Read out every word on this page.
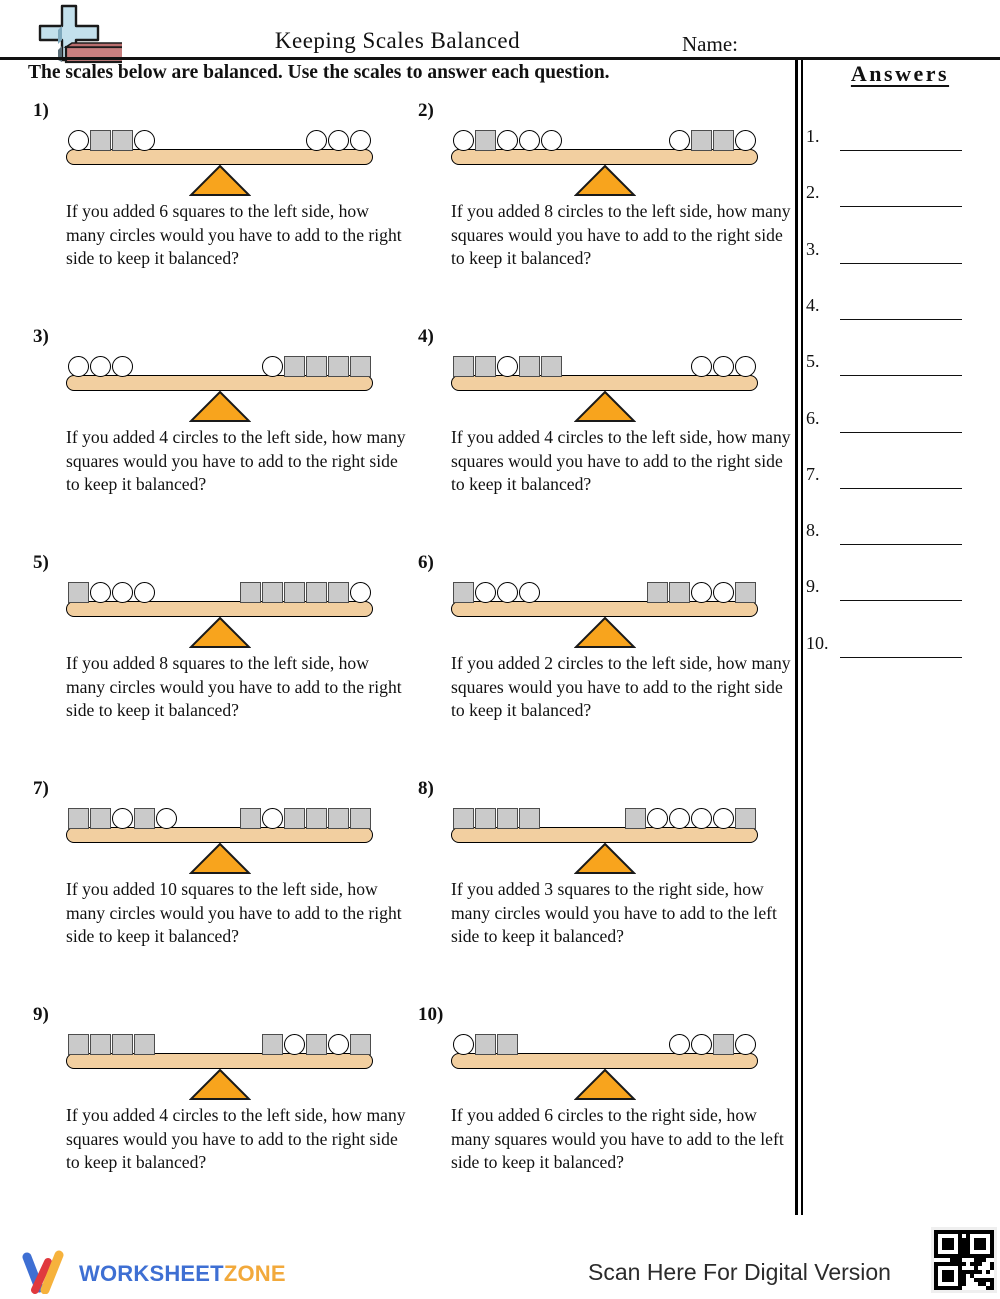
Keeping Scales Balanced	Name:
The scales below are balanced. Use the scales to answer each question.	Answers
1.
2.
3.
4.
5.
6.
7.
8.
9.
10.
1)
If you added 6 squares to the left side, how many circles would you have to add to the right side to keep it balanced?
2)
If you added 8 circles to the left side, how many squares would you have to add to the right side to keep it balanced?
3)
If you added 4 circles to the left side, how many squares would you have to add to the right side to keep it balanced?
4)
If you added 4 circles to the left side, how many squares would you have to add to the right side to keep it balanced?
5)
If you added 8 squares to the left side, how many circles would you have to add to the right side to keep it balanced?
6)
If you added 2 circles to the left side, how many squares would you have to add to the right side to keep it balanced?
7)
If you added 10 squares to the left side, how many circles would you have to add to the right side to keep it balanced?
8)
If you added 3 squares to the right side, how many circles would you have to add to the left side to keep it balanced?
9)
If you added 4 circles to the left side, how many squares would you have to add to the right side to keep it balanced?
10)
If you added 6 circles to the right side, how many squares would you have to add to the left side to keep it balanced?
WORKSHEETZONE	Scan Here For Digital Version
